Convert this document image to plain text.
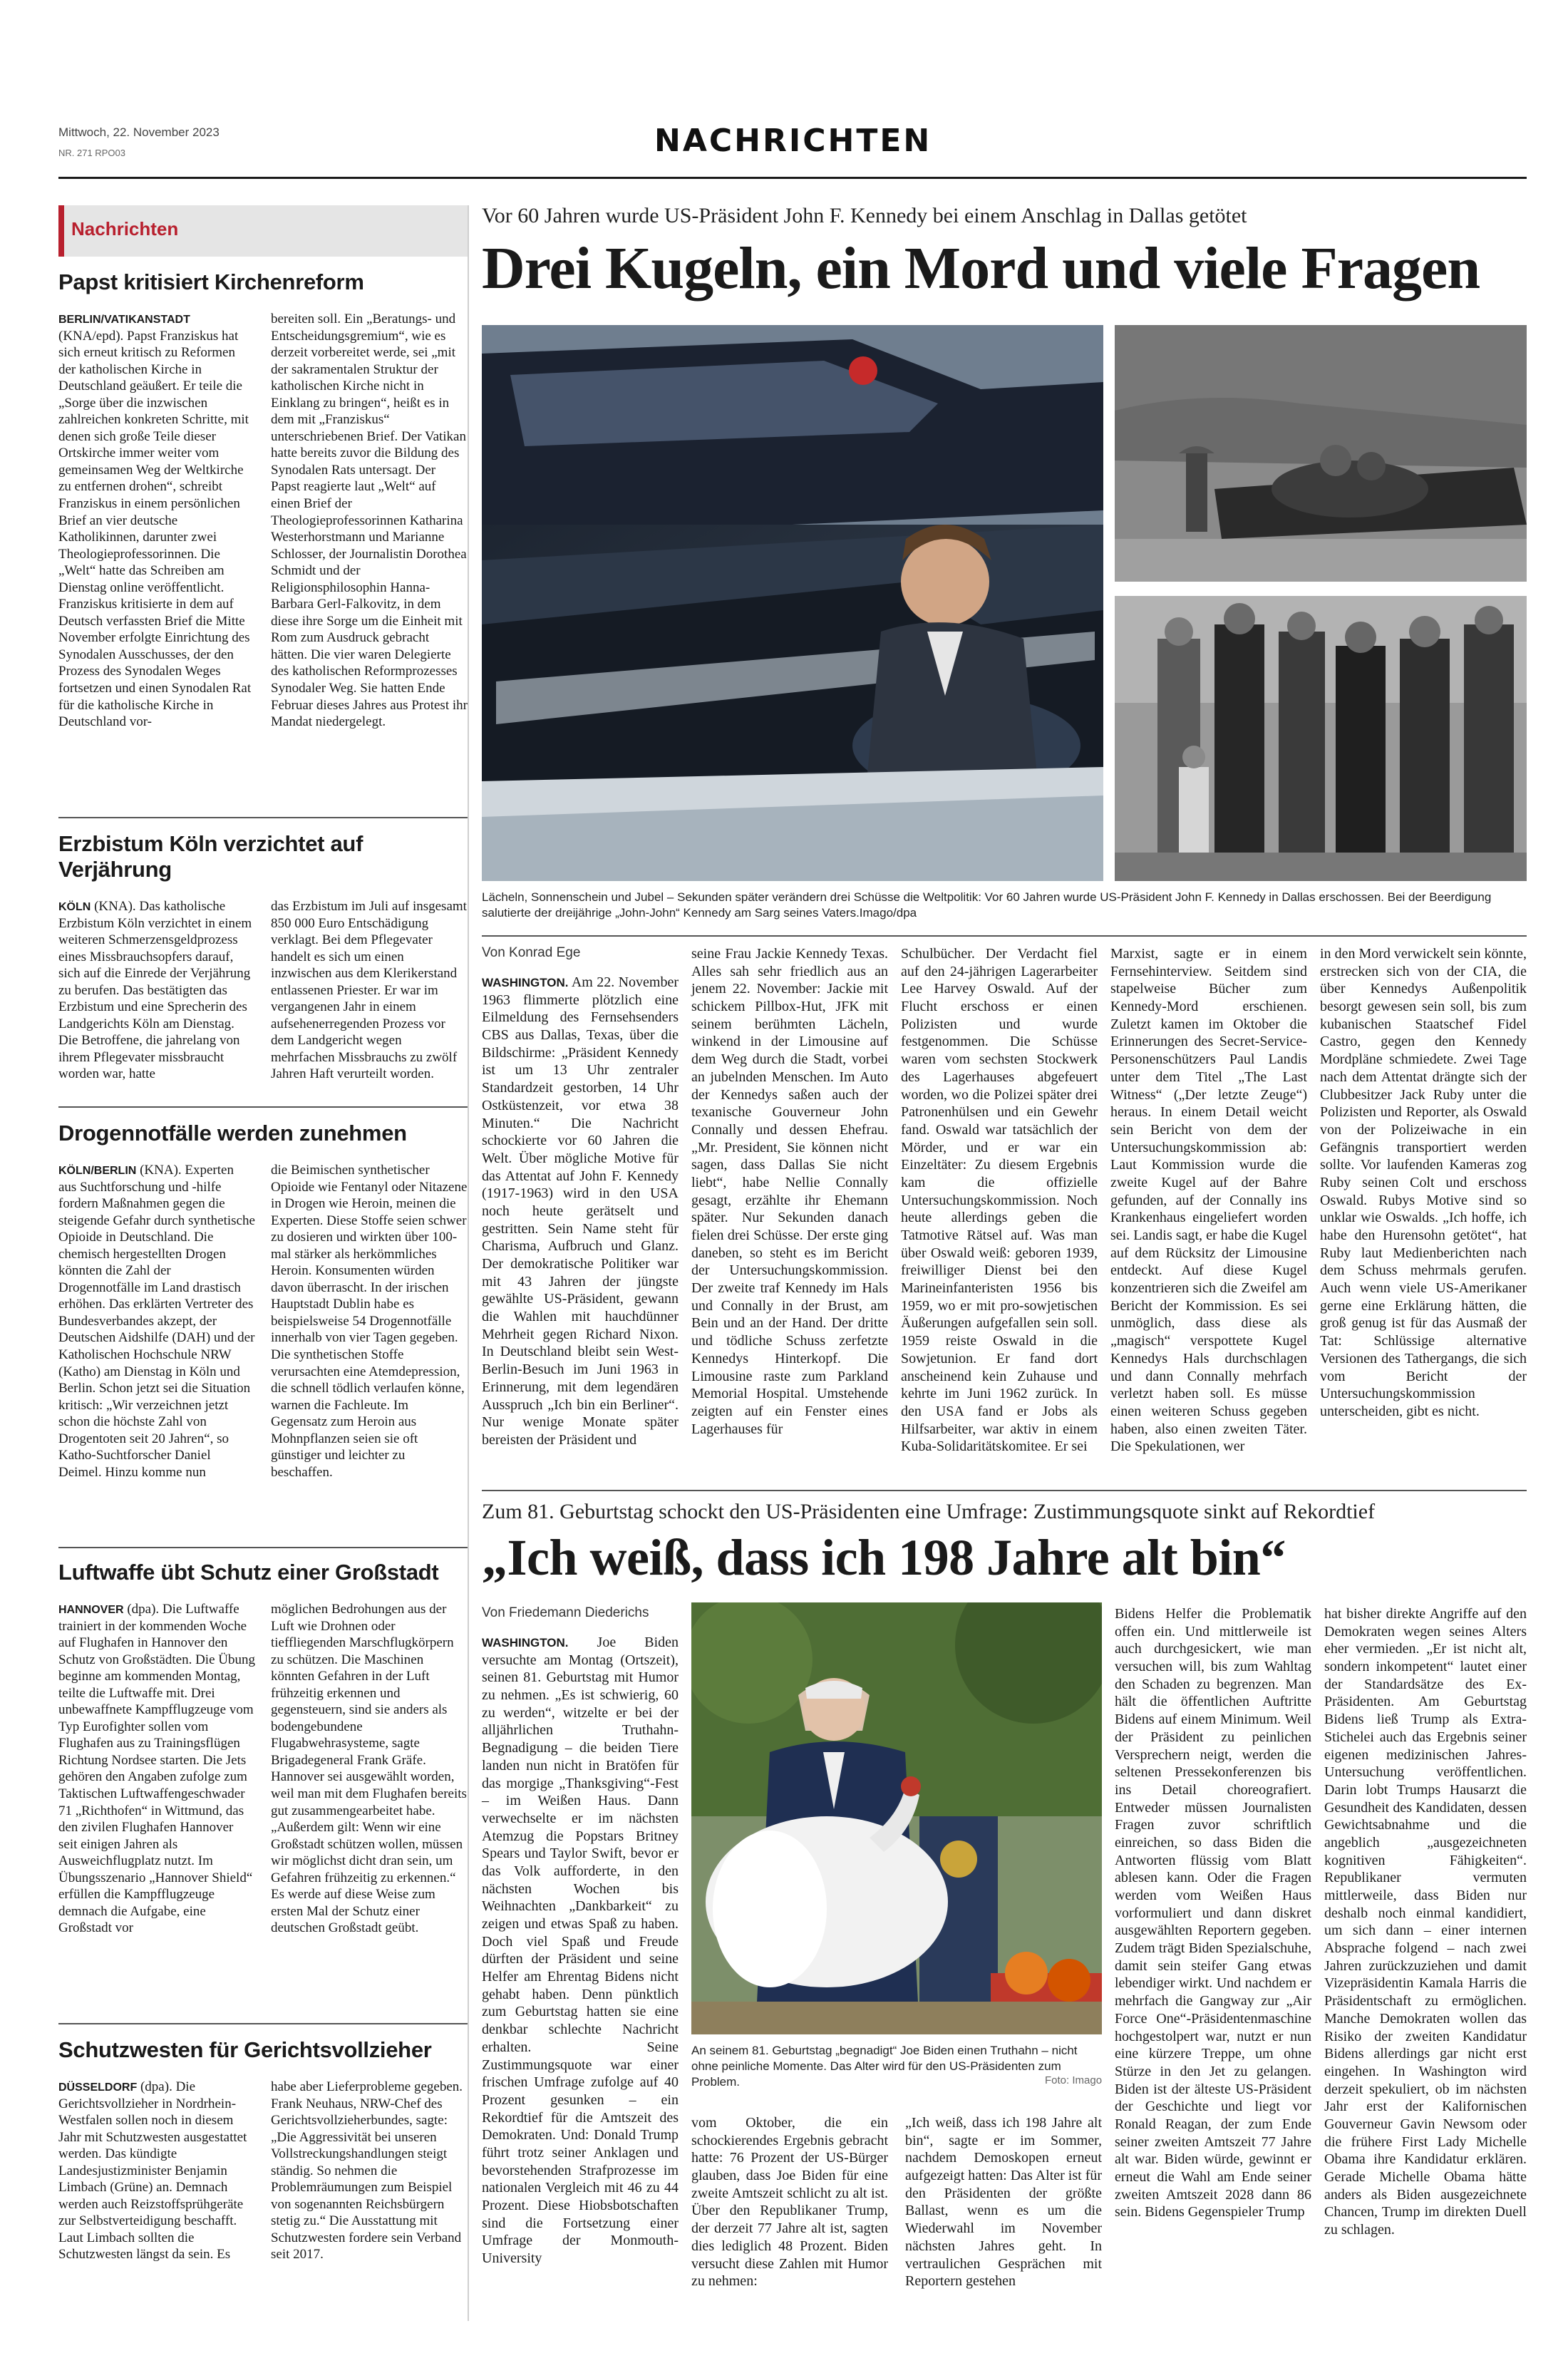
Mittwoch, 22. November 2023
NR. 271 RPO03	NACHRICHTEN
Nachrichten
Papst kritisiert Kirchenreform
BERLIN/VATIKANSTADT (KNA/epd). Papst Franziskus hat sich erneut kritisch zu Reformen der katholischen Kirche in Deutschland geäußert. Er teile die „Sorge über die inzwischen zahlreichen konkreten Schritte, mit denen sich große Teile dieser Ortskirche immer weiter vom gemeinsamen Weg der Weltkirche zu entfernen drohen“, schreibt Franziskus in einem persönlichen Brief an vier deutsche Katholikinnen, darunter zwei Theologieprofessorinnen. Die „Welt“ hatte das Schreiben am Dienstag online veröffentlicht. Franziskus kritisierte in dem auf Deutsch verfassten Brief die Mitte November erfolgte Einrichtung des Synodalen Ausschusses, der den Prozess des Synodalen Weges fortsetzen und einen Synodalen Rat für die katholische Kirche in Deutschland vor-
bereiten soll. Ein „Beratungs- und Entscheidungsgremium“, wie es derzeit vorbereitet werde, sei „mit der sakramentalen Struktur der katholischen Kirche nicht in Einklang zu bringen“, heißt es in dem mit „Franziskus“ unterschriebenen Brief. Der Vatikan hatte bereits zuvor die Bildung des Synodalen Rats untersagt. Der Papst reagierte laut „Welt“ auf einen Brief der Theologieprofessorinnen Katharina Westerhorstmann und Marianne Schlosser, der Journalistin Dorothea Schmidt und der Religionsphilosophin Hanna-Barbara Gerl-Falkovitz, in dem diese ihre Sorge um die Einheit mit Rom zum Ausdruck gebracht hätten. Die vier waren Delegierte des katholischen Reformprozesses Synodaler Weg. Sie hatten Ende Februar dieses Jahres aus Protest ihr Mandat niedergelegt.
Erzbistum Köln verzichtet auf Verjährung
KÖLN (KNA). Das katholische Erzbistum Köln verzichtet in einem weiteren Schmerzensgeldprozess eines Missbrauchsopfers darauf, sich auf die Einrede der Verjährung zu berufen. Das bestätigten das Erzbistum und eine Sprecherin des Landgerichts Köln am Dienstag. Die Betroffene, die jahrelang von ihrem Pflegevater missbraucht worden war, hatte
das Erzbistum im Juli auf insgesamt 850 000 Euro Entschädigung verklagt. Bei dem Pflegevater handelt es sich um einen inzwischen aus dem Klerikerstand entlassenen Priester. Er war im vergangenen Jahr in einem aufsehenerregenden Prozess vor dem Landgericht wegen mehrfachen Missbrauchs zu zwölf Jahren Haft verurteilt worden.
Drogennotfälle werden zunehmen
KÖLN/BERLIN (KNA). Experten aus Suchtforschung und -hilfe fordern Maßnahmen gegen die steigende Gefahr durch synthetische Opioide in Deutschland. Die chemisch hergestellten Drogen könnten die Zahl der Drogennotfälle im Land drastisch erhöhen. Das erklärten Vertreter des Bundesverbandes akzept, der Deutschen Aidshilfe (DAH) und der Katholischen Hochschule NRW (Katho) am Dienstag in Köln und Berlin. Schon jetzt sei die Situation kritisch: „Wir verzeichnen jetzt schon die höchste Zahl von Drogentoten seit 20 Jahren“, so Katho-Suchtforscher Daniel Deimel. Hinzu komme nun
die Beimischen synthetischer Opioide wie Fentanyl oder Nitazene in Drogen wie Heroin, meinen die Experten. Diese Stoffe seien schwer zu dosieren und wirkten über 100-mal stärker als herkömmliches Heroin. Konsumenten würden davon überrascht. In der irischen Hauptstadt Dublin habe es beispielsweise 54 Drogennotfälle innerhalb von vier Tagen gegeben. Die synthetischen Stoffe verursachten eine Atemdepression, die schnell tödlich verlaufen könne, warnen die Fachleute. Im Gegensatz zum Heroin aus Mohnpflanzen seien sie oft günstiger und leichter zu beschaffen.
Luftwaffe übt Schutz einer Großstadt
HANNOVER (dpa). Die Luftwaffe trainiert in der kommenden Woche auf Flughafen in Hannover den Schutz von Großstädten. Die Übung beginne am kommenden Montag, teilte die Luftwaffe mit. Drei unbewaffnete Kampfflugzeuge vom Typ Eurofighter sollen vom Flughafen aus zu Trainingsflügen Richtung Nordsee starten. Die Jets gehören den Angaben zufolge zum Taktischen Luftwaffengeschwader 71 „Richthofen“ in Wittmund, das den zivilen Flughafen Hannover seit einigen Jahren als Ausweichflugplatz nutzt. Im Übungsszenario „Hannover Shield“ erfüllen die Kampfflugzeuge demnach die Aufgabe, eine Großstadt vor
möglichen Bedrohungen aus der Luft wie Drohnen oder tieffliegenden Marschflugkörpern zu schützen. Die Maschinen könnten Gefahren in der Luft frühzeitig erkennen und gegensteuern, sind sie anders als bodengebundene Flugabwehrasysteme, sagte Brigadegeneral Frank Gräfe. Hannover sei ausgewählt worden, weil man mit dem Flughafen bereits gut zusammengearbeitet habe. „Außerdem gilt: Wenn wir eine Großstadt schützen wollen, müssen wir möglichst dicht dran sein, um Gefahren frühzeitig zu erkennen.“ Es werde auf diese Weise zum ersten Mal der Schutz einer deutschen Großstadt geübt.
Schutzwesten für Gerichtsvollzieher
DÜSSELDORF (dpa). Die Gerichtsvollzieher in Nordrhein-Westfalen sollen noch in diesem Jahr mit Schutzwesten ausgestattet werden. Das kündigte Landesjustizminister Benjamin Limbach (Grüne) an. Demnach werden auch Reizstoffsprühgeräte zur Selbstverteidigung beschafft. Laut Limbach sollten die Schutzwesten längst da sein. Es
habe aber Lieferprobleme gegeben. Frank Neuhaus, NRW-Chef des Gerichtsvollzieherbundes, sagte: „Die Aggressivität bei unseren Vollstreckungshandlungen steigt ständig. So nehmen die Problemräumungen zum Beispiel von sogenannten Reichsbürgern stetig zu.“ Die Ausstattung mit Schutzwesten fordere sein Verband seit 2017.
Vor 60 Jahren wurde US-Präsident John F. Kennedy bei einem Anschlag in Dallas getötet
Drei Kugeln, ein Mord und viele Fragen
Lächeln, Sonnenschein und Jubel – Sekunden später verändern drei Schüsse die Weltpolitik: Vor 60 Jahren wurde US-Präsident John F. Kennedy in Dallas erschossen. Bei der Beerdigung salutierte der dreijährige „John-John“ Kennedy am Sarg seines Vaters.Imago/dpa
Von Konrad Ege
WASHINGTON. Am 22. November 1963 flimmerte plötzlich eine Eilmeldung des Fernsehsenders CBS aus Dallas, Texas, über die Bildschirme: „Präsident Kennedy ist um 13 Uhr zentraler Standardzeit gestorben, 14 Uhr Ostküstenzeit, vor etwa 38 Minuten.“ Die Nachricht schockierte vor 60 Jahren die Welt. Über mögliche Motive für das Attentat auf John F. Kennedy (1917-1963) wird in den USA noch heute gerätselt und gestritten. Sein Name steht für Charisma, Aufbruch und Glanz. Der demokratische Politiker war mit 43 Jahren der jüngste gewählte US-Präsident, gewann die Wahlen mit hauchdünner Mehrheit gegen Richard Nixon. In Deutschland bleibt sein West-Berlin-Besuch im Juni 1963 in Erinnerung, mit dem legendären Ausspruch „Ich bin ein Berliner“. Nur wenige Monate später bereisten der Präsident und
seine Frau Jackie Kennedy Texas. Alles sah sehr friedlich aus an jenem 22. November: Jackie mit schickem Pillbox-Hut, JFK mit seinem berühmten Lächeln, winkend in der Limousine auf dem Weg durch die Stadt, vorbei an jubelnden Menschen. Im Auto der Kennedys saßen auch der texanische Gouverneur John Connally und dessen Ehefrau. „Mr. President, Sie können nicht sagen, dass Dallas Sie nicht liebt“, habe Nellie Connally gesagt, erzählte ihr Ehemann später. Nur Sekunden danach fielen drei Schüsse. Der erste ging daneben, so steht es im Bericht der Untersuchungskommission. Der zweite traf Kennedy im Hals und Connally in der Brust, am Bein und an der Hand. Der dritte und tödliche Schuss zerfetzte Kennedys Hinterkopf. Die Limousine raste zum Parkland Memorial Hospital. Umstehende zeigten auf ein Fenster eines Lagerhauses für
Schulbücher. Der Verdacht fiel auf den 24-jährigen Lagerarbeiter Lee Harvey Oswald. Auf der Flucht erschoss er einen Polizisten und wurde festgenommen. Die Schüsse waren vom sechsten Stockwerk des Lagerhauses abgefeuert worden, wo die Polizei später drei Patronenhülsen und ein Gewehr fand. Oswald war tatsächlich der Mörder, und er war ein Einzeltäter: Zu diesem Ergebnis kam die offizielle Untersuchungskommission. Noch heute allerdings geben die Tatmotive Rätsel auf. Was man über Oswald weiß: geboren 1939, freiwilliger Dienst bei den Marineinfanteristen 1956 bis 1959, wo er mit pro-sowjetischen Äußerungen aufgefallen sein soll. 1959 reiste Oswald in die Sowjetunion. Er fand dort anscheinend kein Zuhause und kehrte im Juni 1962 zurück. In den USA fand er Jobs als Hilfsarbeiter, war aktiv in einem Kuba-Solidaritätskomitee. Er sei
Marxist, sagte er in einem Fernsehinterview. Seitdem sind stapelweise Bücher zum Kennedy-Mord erschienen. Zuletzt kamen im Oktober die Erinnerungen des Secret-Service-Personenschützers Paul Landis unter dem Titel „The Last Witness“ („Der letzte Zeuge“) heraus. In einem Detail weicht sein Bericht von dem der Untersuchungskommission ab: Laut Kommission wurde die zweite Kugel auf der Bahre gefunden, auf der Connally ins Krankenhaus eingeliefert worden sei. Landis sagt, er habe die Kugel auf dem Rücksitz der Limousine entdeckt. Auf diese Kugel konzentrieren sich die Zweifel am Bericht der Kommission. Es sei unmöglich, dass diese als „magisch“ verspottete Kugel Kennedys Hals durchschlagen und dann Connally mehrfach verletzt haben soll. Es müsse einen weiteren Schuss gegeben haben, also einen zweiten Täter. Die Spekulationen, wer
in den Mord verwickelt sein könnte, erstrecken sich von der CIA, die über Kennedys Außenpolitik besorgt gewesen sein soll, bis zum kubanischen Staatschef Fidel Castro, gegen den Kennedy Mordpläne schmiedete. Zwei Tage nach dem Attentat drängte sich der Clubbesitzer Jack Ruby unter die Polizisten und Reporter, als Oswald von der Polizeiwache in ein Gefängnis transportiert werden sollte. Vor laufenden Kameras zog Ruby seinen Colt und erschoss Oswald. Rubys Motive sind so unklar wie Oswalds. „Ich hoffe, ich habe den Hurensohn getötet“, hat Ruby laut Medienberichten nach dem Schuss mehrmals gerufen. Auch wenn viele US-Amerikaner gerne eine Erklärung hätten, die groß genug ist für das Ausmaß der Tat: Schlüssige alternative Versionen des Tathergangs, die sich vom Bericht der Untersuchungskommission unterscheiden, gibt es nicht.
Zum 81. Geburtstag schockt den US-Präsidenten eine Umfrage: Zustimmungsquote sinkt auf Rekordtief
„Ich weiß, dass ich 198 Jahre alt bin“
Von Friedemann Diederichs
WASHINGTON. Joe Biden versuchte am Montag (Ortszeit), seinen 81. Geburtstag mit Humor zu nehmen. „Es ist schwierig, 60 zu werden“, witzelte er bei der alljährlichen Truthahn-Begnadigung – die beiden Tiere landen nun nicht in Bratöfen für das morgige „Thanksgiving“-Fest – im Weißen Haus. Dann verwechselte er im nächsten Atemzug die Popstars Britney Spears und Taylor Swift, bevor er das Volk aufforderte, in den nächsten Wochen bis Weihnachten „Dankbarkeit“ zu zeigen und etwas Spaß zu haben. Doch viel Spaß und Freude dürften der Präsident und seine Helfer am Ehrentag Bidens nicht gehabt haben. Denn pünktlich zum Geburtstag hatten sie eine denkbar schlechte Nachricht erhalten. Seine Zustimmungsquote war einer frischen Umfrage zufolge auf 40 Prozent gesunken – ein Rekordtief für die Amtszeit des Demokraten. Und: Donald Trump führt trotz seiner Anklagen und bevorstehenden Strafprozesse im nationalen Vergleich mit 46 zu 44 Prozent. Diese Hiobsbotschaften sind die Fortsetzung einer Umfrage der Monmouth-University
An seinem 81. Geburtstag „begnadigt“ Joe Biden einen Truthahn – nicht ohne peinliche Momente. Das Alter wird für den US-Präsidenten zum Problem.	Foto: Imago
vom Oktober, die ein schockierendes Ergebnis gebracht hatte: 76 Prozent der US-Bürger glauben, dass Joe Biden für eine zweite Amtszeit schlicht zu alt ist. Über den Republikaner Trump, der derzeit 77 Jahre alt ist, sagten dies lediglich 48 Prozent. Biden versucht diese Zahlen mit Humor zu nehmen:
„Ich weiß, dass ich 198 Jahre alt bin“, sagte er im Sommer, nachdem Demoskopen erneut aufgezeigt hatten: Das Alter ist für den Präsidenten der größte Ballast, wenn es um die Wiederwahl im November nächsten Jahres geht. In vertraulichen Gesprächen mit Reportern gestehen
Bidens Helfer die Problematik offen ein. Und mittlerweile ist auch durchgesickert, wie man versuchen will, bis zum Wahltag den Schaden zu begrenzen. Man hält die öffentlichen Auftritte Bidens auf einem Minimum. Weil der Präsident zu peinlichen Versprechern neigt, werden die seltenen Pressekonferenzen bis ins Detail choreografiert. Entweder müssen Journalisten Fragen zuvor schriftlich einreichen, so dass Biden die Antworten flüssig vom Blatt ablesen kann. Oder die Fragen werden vom Weißen Haus vorformuliert und dann diskret ausgewählten Reportern gegeben. Zudem trägt Biden Spezialschuhe, damit sein steifer Gang etwas lebendiger wirkt. Und nachdem er mehrfach die Gangway zur „Air Force One“-Präsidentenmaschine hochgestolpert war, nutzt er nun eine kürzere Treppe, um ohne Stürze in den Jet zu gelangen. Biden ist der älteste US-Präsident der Geschichte und liegt vor Ronald Reagan, der zum Ende seiner zweiten Amtszeit 77 Jahre alt war. Biden würde, gewinnt er erneut die Wahl am Ende seiner zweiten Amtszeit 2028 dann 86 sein. Bidens Gegenspieler Trump
hat bisher direkte Angriffe auf den Demokraten wegen seines Alters eher vermieden. „Er ist nicht alt, sondern inkompetent“ lautet einer der Standardsätze des Ex-Präsidenten. Am Geburtstag Bidens ließ Trump als Extra-Stichelei auch das Ergebnis seiner eigenen medizinischen Jahres-Untersuchung veröffentlichen. Darin lobt Trumps Hausarzt die Gesundheit des Kandidaten, dessen Gewichtsabnahme und die angeblich „ausgezeichneten kognitiven Fähigkeiten“. Republikaner vermuten mittlerweile, dass Biden nur deshalb noch einmal kandidiert, um sich dann – einer internen Absprache folgend – nach zwei Jahren zurückzuziehen und damit Vizepräsidentin Kamala Harris die Präsidentschaft zu ermöglichen. Manche Demokraten wollen das Risiko der zweiten Kandidatur Bidens allerdings gar nicht erst eingehen. In Washington wird derzeit spekuliert, ob im nächsten Jahr erst der Kalifornischen Gouverneur Gavin Newsom oder die frühere First Lady Michelle Obama ihre Kandidatur erklären. Gerade Michelle Obama hätte anders als Biden ausgezeichnete Chancen, Trump im direkten Duell zu schlagen.
